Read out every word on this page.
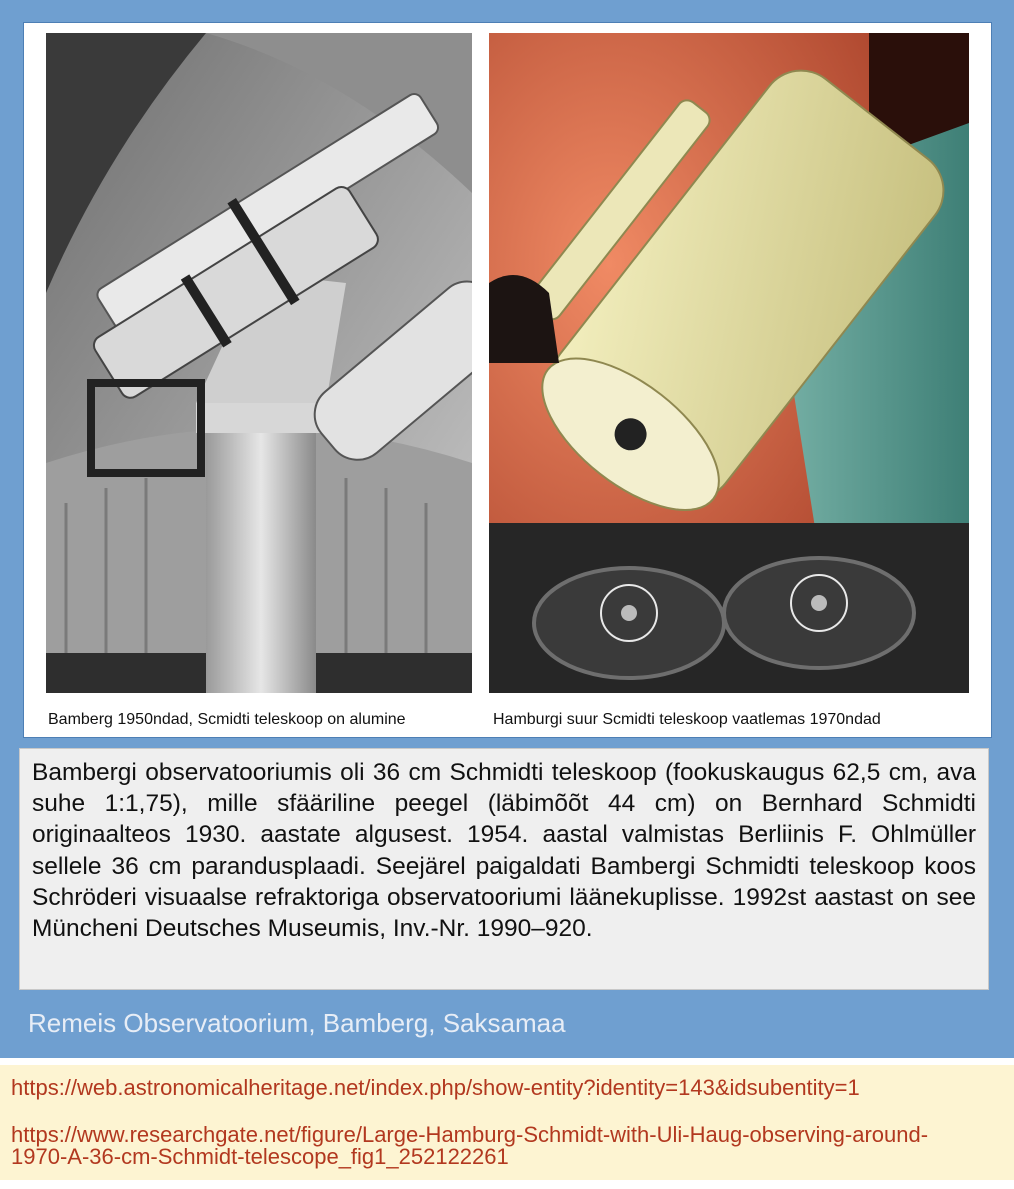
Bamberg 1950ndad, Scmidti teleskoop on alumine	Hamburgi suur Scmidti teleskoop vaatlemas 1970ndad

Bambergi observatooriumis oli 36 cm Schmidti teleskoop (fookuskaugus 62,5 cm, ava suhe 1:1,75), mille sfääriline peegel (läbimõõt 44 cm) on Bernhard Schmidti originaalteos 1930. aastate algusest. 1954. aastal valmistas Berliinis F. Ohlmüller sellele 36 cm parandusplaadi. Seejärel paigaldati Bambergi Schmidti teleskoop koos Schröderi visuaalse refraktoriga observatooriumi läänekuplisse. 1992st aastast on see Müncheni Deutsches Museumis, Inv.-Nr. 1990–920.

Remeis Observatoorium, Bamberg, Saksamaa
https://web.astronomicalheritage.net/index.php/show-entity?identity=143&idsubentity=1
https://www.researchgate.net/figure/Large-Hamburg-Schmidt-with-Uli-Haug-observing-around-1970-A-36-cm-Schmidt-telescope_fig1_252122261
